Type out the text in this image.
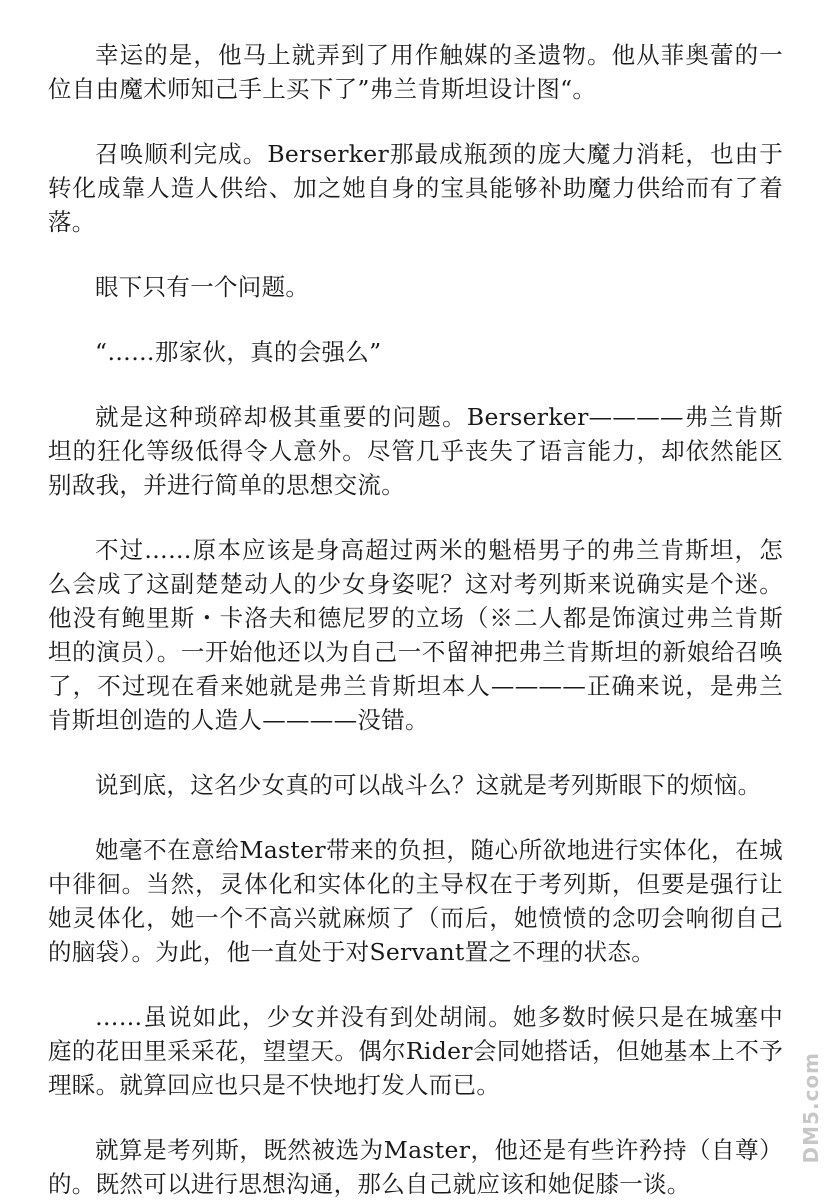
幸运的是，他马上就弄到了用作触媒的圣遗物。他从菲奥蕾的一位自由魔术师知己手上买下了”弗兰肯斯坦设计图“。

召唤顺利完成。Berserker那最成瓶颈的庞大魔力消耗，也由于转化成靠人造人供给、加之她自身的宝具能够补助魔力供给而有了着落。

眼下只有一个问题。

“……那家伙，真的会强么”

就是这种琐碎却极其重要的问题。Berserker————弗兰肯斯坦的狂化等级低得令人意外。尽管几乎丧失了语言能力，却依然能区别敌我，并进行简单的思想交流。

不过……原本应该是身高超过两米的魁梧男子的弗兰肯斯坦，怎么会成了这副楚楚动人的少女身姿呢？这对考列斯来说确实是个迷。他没有鲍里斯・卡洛夫和德尼罗的立场（※二人都是饰演过弗兰肯斯坦的演员）。一开始他还以为自己一不留神把弗兰肯斯坦的新娘给召唤了，不过现在看来她就是弗兰肯斯坦本人————正确来说，是弗兰肯斯坦创造的人造人————没错。

说到底，这名少女真的可以战斗么？这就是考列斯眼下的烦恼。

她毫不在意给Master带来的负担，随心所欲地进行实体化，在城中徘徊。当然，灵体化和实体化的主导权在于考列斯，但要是强行让她灵体化，她一个不高兴就麻烦了（而后，她愤愤的念叨会响彻自己的脑袋）。为此，他一直处于对Servant置之不理的状态。

……虽说如此，少女并没有到处胡闹。她多数时候只是在城塞中庭的花田里采采花，望望天。偶尔Rider会同她搭话，但她基本上不予理睬。就算回应也只是不快地打发人而已。

就算是考列斯，既然被选为Master，他还是有些许矜持（自尊）的。既然可以进行思想沟通，那么自己就应该和她促膝一谈。

DM5.com
